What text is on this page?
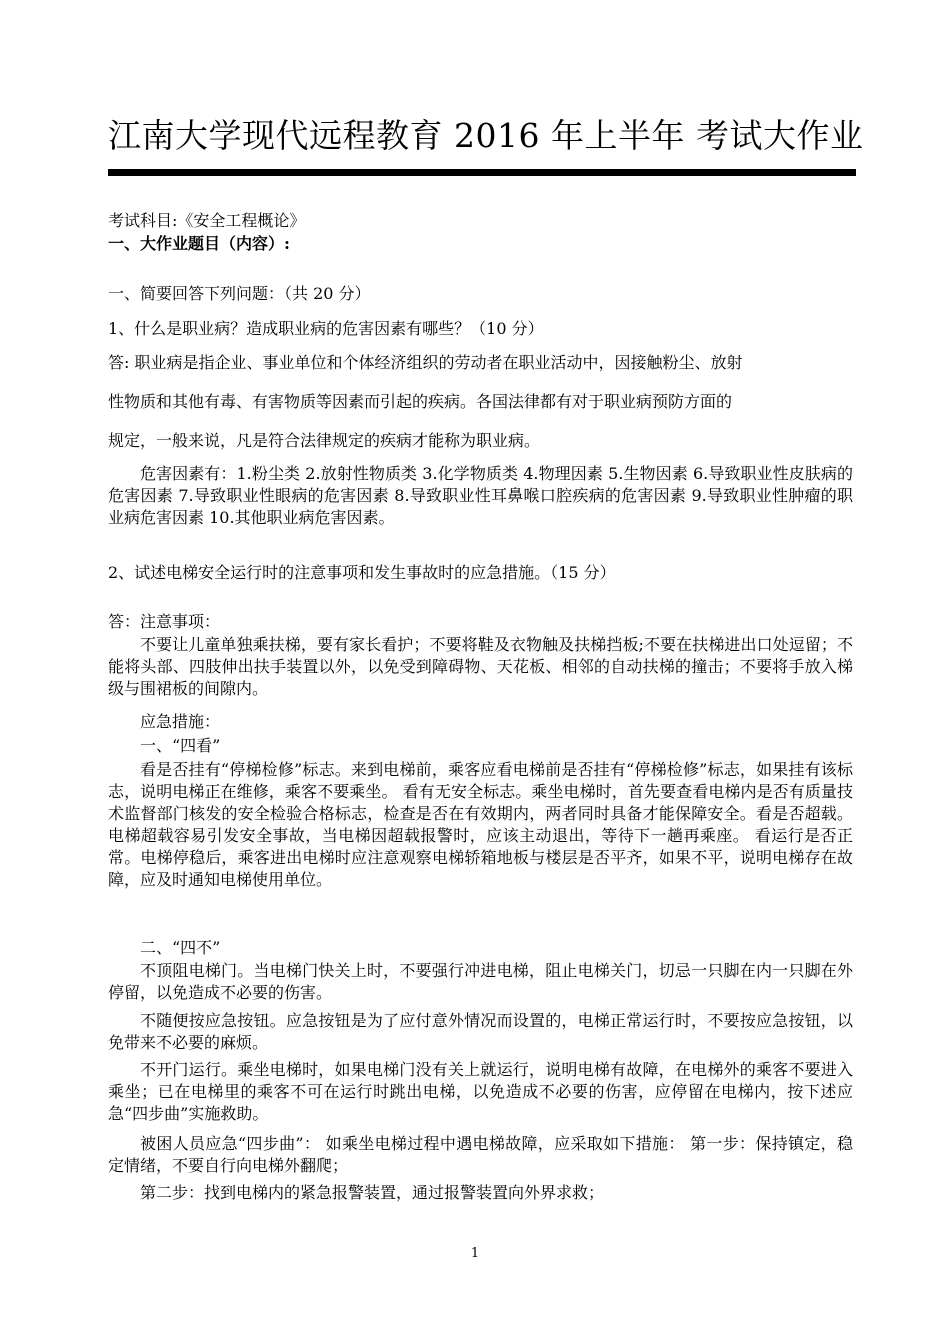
江南大学现代远程教育 2016 年上半年 考试大作业
考试科目:《安全工程概论》
一、大作业题目（内容）:
一、简要回答下列问题：（共 20 分）
1、什么是职业病？造成职业病的危害因素有哪些？（10 分）
答: 职业病是指企业、事业单位和个体经济组织的劳动者在职业活动中，因接触粉尘、放射
性物质和其他有毒、有害物质等因素而引起的疾病。各国法律都有对于职业病预防方面的
规定，一般来说，凡是符合法律规定的疾病才能称为职业病。
危害因素有：1.粉尘类 2.放射性物质类 3.化学物质类 4.物理因素 5.生物因素 6.导致职业性皮肤病的危害因素 7.导致职业性眼病的危害因素 8.导致职业性耳鼻喉口腔疾病的危害因素 9.导致职业性肿瘤的职业病危害因素 10.其他职业病危害因素。
2、试述电梯安全运行时的注意事项和发生事故时的应急措施。（15 分）
答：注意事项：
不要让儿童单独乘扶梯，要有家长看护；不要将鞋及衣物触及扶梯挡板;不要在扶梯进出口处逗留；不能将头部、四肢伸出扶手装置以外，以免受到障碍物、天花板、相邻的自动扶梯的撞击；不要将手放入梯级与围裙板的间隙内。
应急措施：
一、“四看”
看是否挂有“停梯检修”标志。来到电梯前，乘客应看电梯前是否挂有“停梯检修”标志，如果挂有该标志，说明电梯正在维修，乘客不要乘坐。 看有无安全标志。乘坐电梯时，首先要查看电梯内是否有质量技术监督部门核发的安全检验合格标志，检查是否在有效期内，两者同时具备才能保障安全。看是否超载。电梯超载容易引发安全事故，当电梯因超载报警时，应该主动退出，等待下一趟再乘座。 看运行是否正常。电梯停稳后，乘客进出电梯时应注意观察电梯轿箱地板与楼层是否平齐，如果不平，说明电梯存在故障，应及时通知电梯使用单位。
二、“四不”
不顶阻电梯门。当电梯门快关上时，不要强行冲进电梯，阻止电梯关门，切忌一只脚在内一只脚在外停留，以免造成不必要的伤害。
不随便按应急按钮。应急按钮是为了应付意外情况而设置的，电梯正常运行时，不要按应急按钮，以免带来不必要的麻烦。
不开门运行。乘坐电梯时，如果电梯门没有关上就运行，说明电梯有故障，在电梯外的乘客不要进入乘坐；已在电梯里的乘客不可在运行时跳出电梯，以免造成不必要的伤害，应停留在电梯内，按下述应急“四步曲”实施救助。
被困人员应急“四步曲”： 如乘坐电梯过程中遇电梯故障，应采取如下措施： 第一步：保持镇定，稳定情绪，不要自行向电梯外翻爬；
第二步：找到电梯内的紧急报警装置，通过报警装置向外界求救；
1
